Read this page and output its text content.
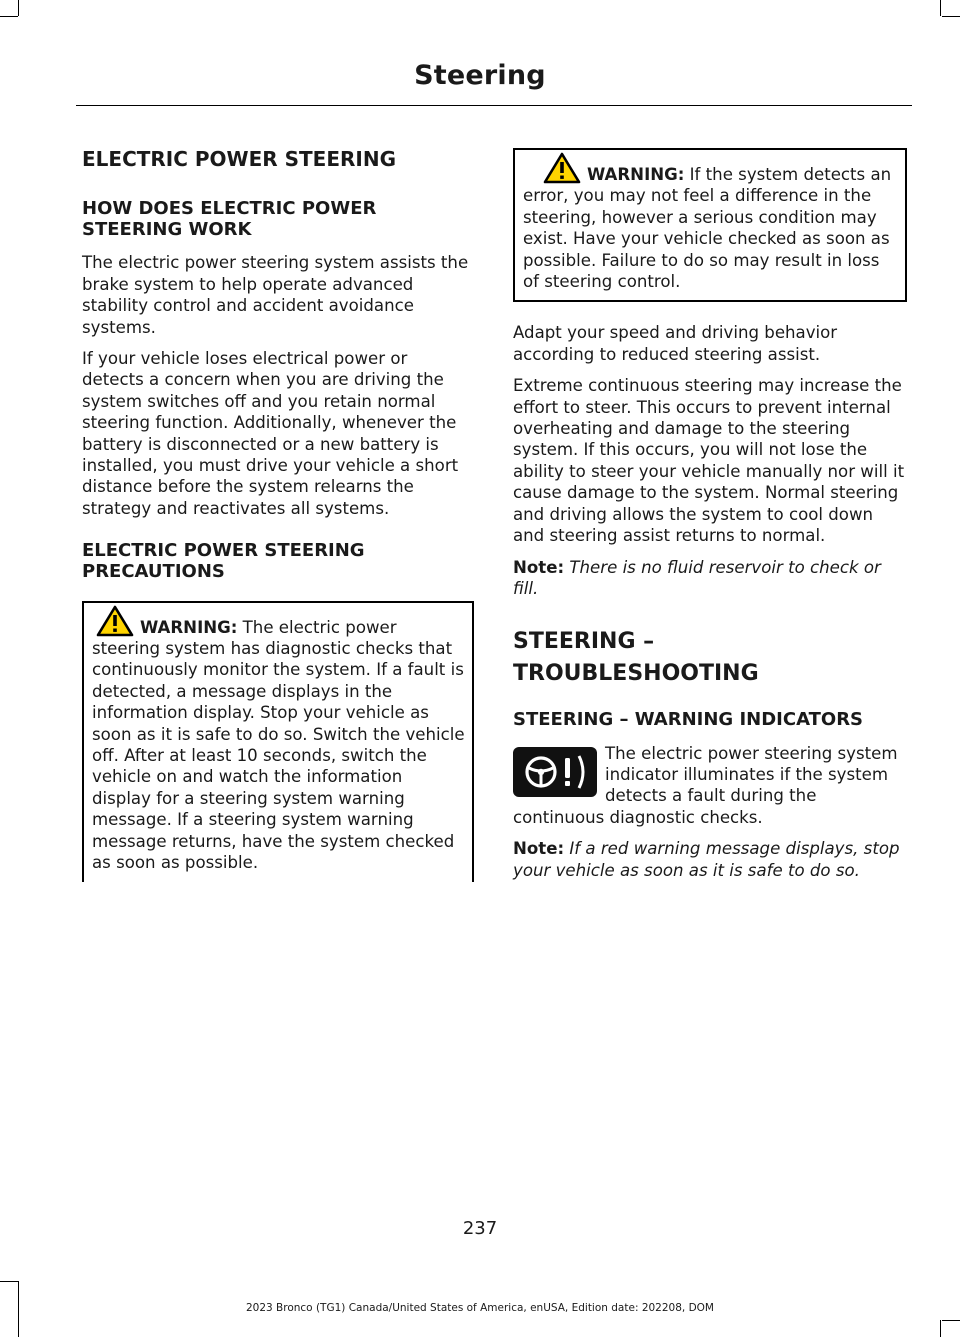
Steering
ELECTRIC POWER STEERING
HOW DOES ELECTRIC POWER STEERING WORK

The electric power steering system assists the brake system to help operate advanced stability control and accident avoidance systems.

If your vehicle loses electrical power or detects a concern when you are driving the system switches off and you retain normal steering function. Additionally, whenever the battery is disconnected or a new battery is installed, you must drive your vehicle a short distance before the system relearns the strategy and reactivates all systems.

ELECTRIC POWER STEERING PRECAUTIONS

WARNING: The electric power steering system has diagnostic checks that continuously monitor the system. If a fault is detected, a message displays in the information display. Stop your vehicle as soon as it is safe to do so. Switch the vehicle off. After at least 10 seconds, switch the vehicle on and watch the information display for a steering system warning message. If a steering system warning message returns, have the system checked as soon as possible.

WARNING: If the system detects an error, you may not feel a difference in the steering, however a serious condition may exist. Have your vehicle checked as soon as possible. Failure to do so may result in loss of steering control.

Adapt your speed and driving behavior according to reduced steering assist.

Extreme continuous steering may increase the effort to steer. This occurs to prevent internal overheating and damage to the steering system. If this occurs, you will not lose the ability to steer your vehicle manually nor will it cause damage to the system. Normal steering and driving allows the system to cool down and steering assist returns to normal.

Note: There is no fluid reservoir to check or fill.

STEERING –
TROUBLESHOOTING
STEERING – WARNING INDICATORS

The electric power steering system indicator illuminates if the system detects a fault during the continuous diagnostic checks.

Note: If a red warning message displays, stop your vehicle as soon as it is safe to do so.

237
2023 Bronco (TG1) Canada/United States of America, enUSA, Edition date: 202208, DOM
